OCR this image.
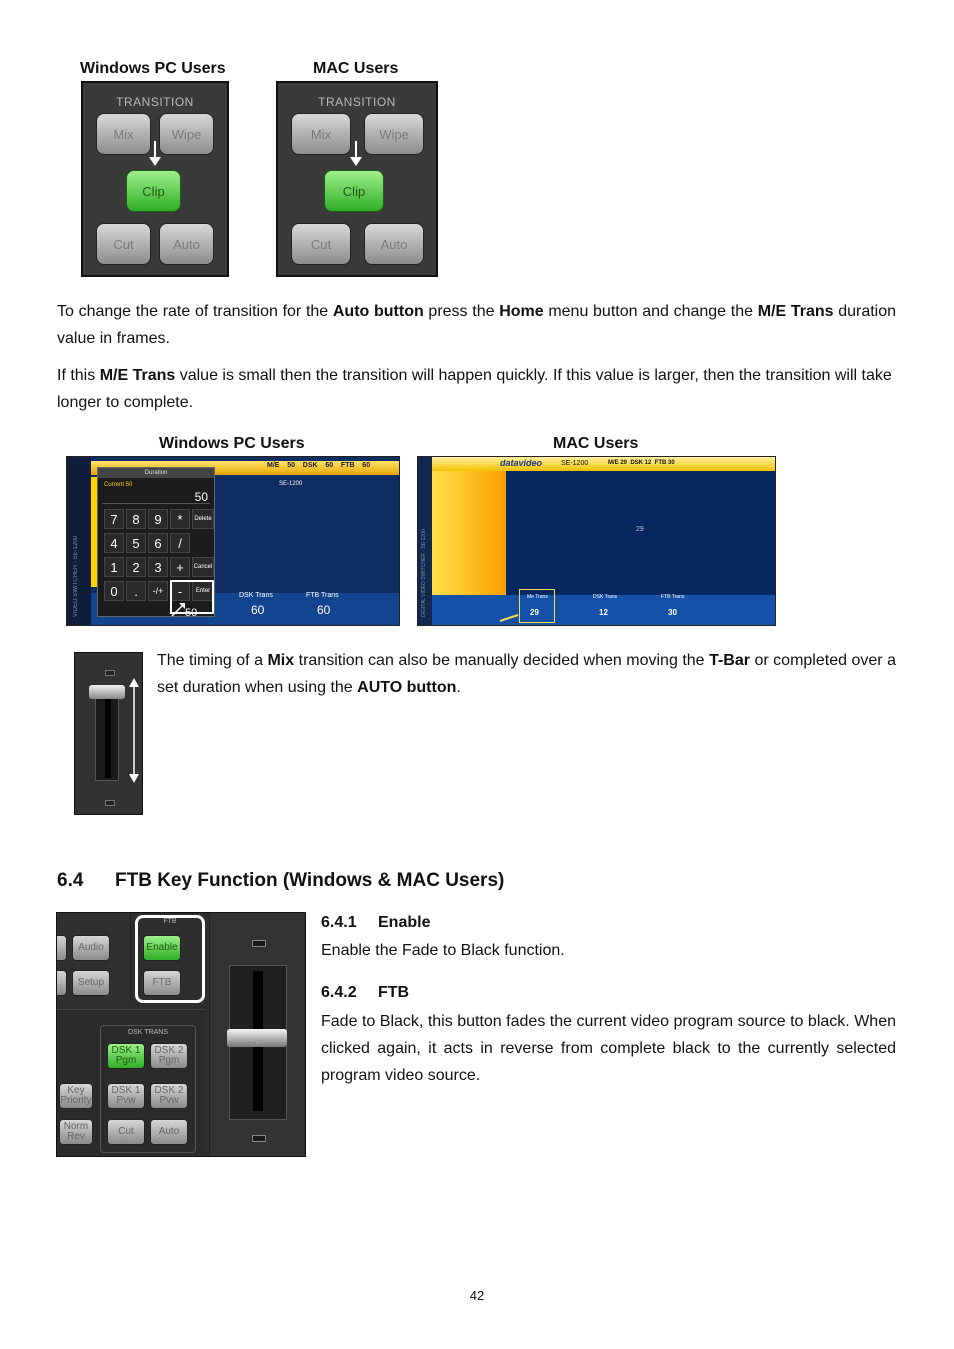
Windows PC Users	MAC Users
TRANSITION
Mix	Wipe
Clip
Cut	Auto
TRANSITION
Mix	Wipe
Clip
Cut	Auto

To change the rate of transition for the Auto button press the Home menu button and change the M/E Trans duration value in frames.

If this M/E Trans value is small then the transition will happen quickly. If this value is larger, then the transition will take longer to complete.

Windows PC Users	MAC Users
VIDEO SWITCHER · SE-1200
M/E    50    DSK    60    FTB    60
SE-1200
DSK Trans	FTB Trans
60	60
Duration
Current 50
50
7	8	9	*	Delete
4	5	6	/
1	2	3	+	Cancel
0	.	-/+	-	Enter
50	DIGITAL VIDEO SWITCHER · SE-1200
datavideo	SE-1200	M/E 29  DSK 12  FTB 30
29
Me Trans	DSK Trans	FTB Trans
29	12	30

The timing of a Mix transition can also be manually decided when moving the T-Bar or completed over a set duration when using the AUTO button.

6.4 FTB Key Function (Windows & MAC Users)
Audio
Setup
FTB
Enable
FTB
DSK TRANS
DSK 1 Pgm
DSK 2 Pgm
DSK 1 Pvw
DSK 2 Pvw
Cut	Auto
Key Priority
Norm Rev
6.4.1 Enable
Enable the Fade to Black function.
6.4.2 FTB
Fade to Black, this button fades the current video program source to black. When clicked again, it acts in reverse from complete black to the currently selected program video source.
42
